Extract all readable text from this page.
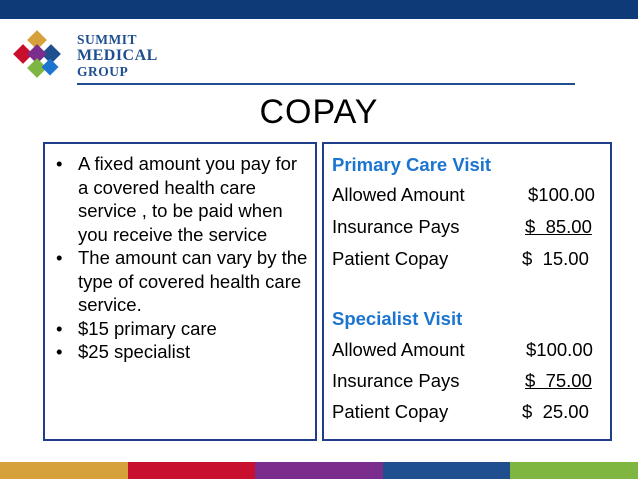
SUMMIT
MEDICAL
GROUP
COPAY
• A fixed amount you pay for a covered health care service , to be paid when you receive the service
• The amount can vary by the type of covered health care service.
• $15 primary care
• $25 specialist
Primary Care Visit
Allowed Amount	$100.00
Insurance Pays	$  85.00
Patient Copay	$  15.00
Specialist Visit
Allowed Amount	$100.00
Insurance Pays	$  75.00
Patient Copay	$  25.00
